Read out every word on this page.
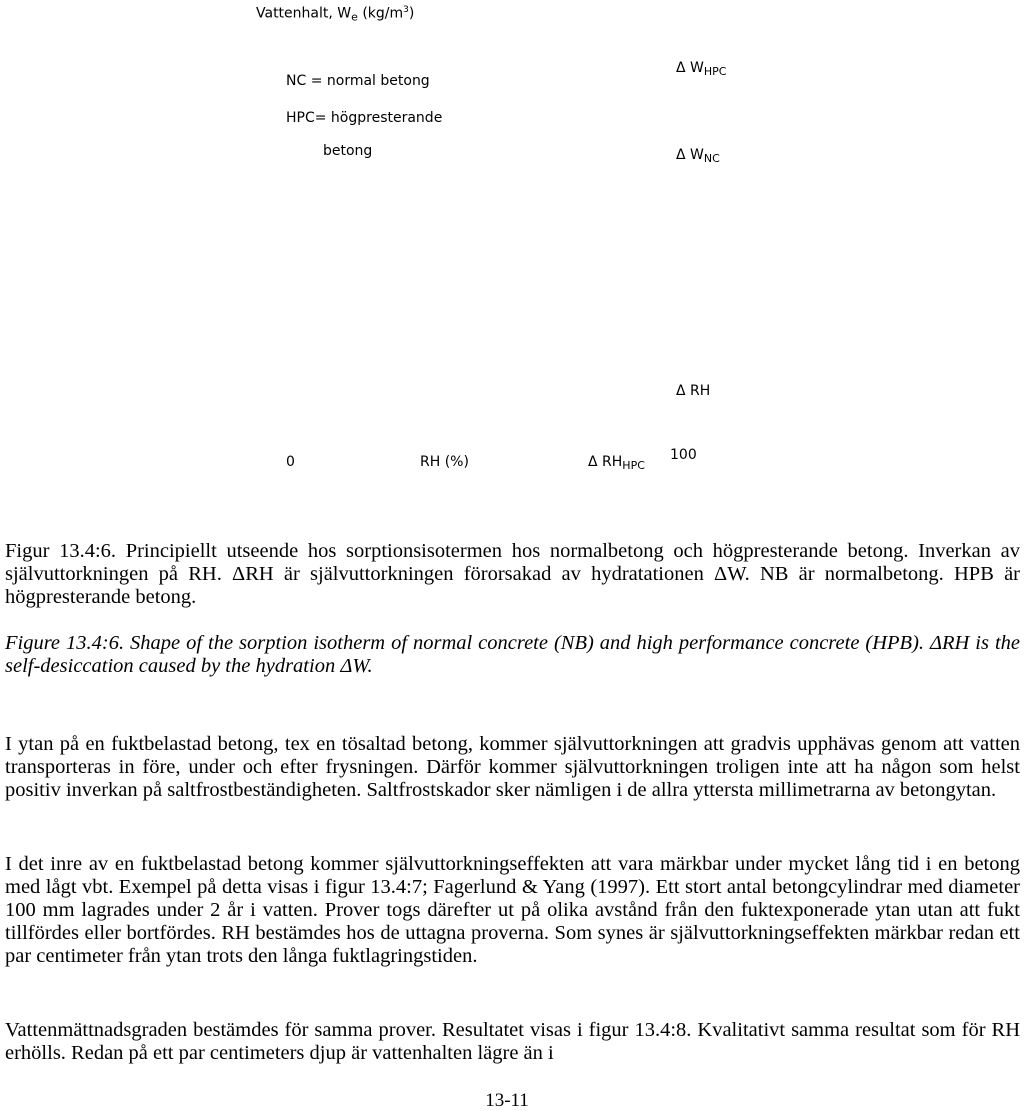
Vattenhalt, $W_e$ $(kg/m^3)$

NC = normal betong

HPC= högpresterande

betong

Δ $W_{HPC}$

Δ $W_{NC}$

Δ RH

0	RH (%)	Δ $RH_{HPC}$

100

Figur 13.4:6. Principiellt utseende hos sorptionsisotermen hos normalbetong och högpresterande betong. Inverkan av självuttorkningen på RH. ΔRH är självuttorkningen förorsakad av hydratationen ΔW. NB är normalbetong. HPB är högpresterande betong.

Figure 13.4:6. Shape of the sorption isotherm of normal concrete (NB) and high performance concrete (HPB). ΔRH is the self-desiccation caused by the hydration ΔW.

I ytan på en fuktbelastad betong, tex en tösaltad betong, kommer självuttorkningen att gradvis upphävas genom att vatten transporteras in före, under och efter frysningen. Därför kommer självuttorkningen troligen inte att ha någon som helst positiv inverkan på saltfrostbeständigheten. Saltfrostskador sker nämligen i de allra yttersta millimetrarna av betongytan.

I det inre av en fuktbelastad betong kommer självuttorkningseffekten att vara märkbar under mycket lång tid i en betong med lågt vbt. Exempel på detta visas i figur 13.4:7; Fagerlund & Yang (1997). Ett stort antal betongcylindrar med diameter 100 mm lagrades under 2 år i vatten. Prover togs därefter ut på olika avstånd från den fuktexponerade ytan utan att fukt tillfördes eller bortfördes. RH bestämdes hos de uttagna proverna. Som synes är självuttorkningseffekten märkbar redan ett par centimeter från ytan trots den långa fuktlagringstiden.

Vattenmättnadsgraden bestämdes för samma prover. Resultatet visas i figur 13.4:8. Kvalitativt samma resultat som för RH erhölls. Redan på ett par centimeters djup är vattenhalten lägre än i

13-11
